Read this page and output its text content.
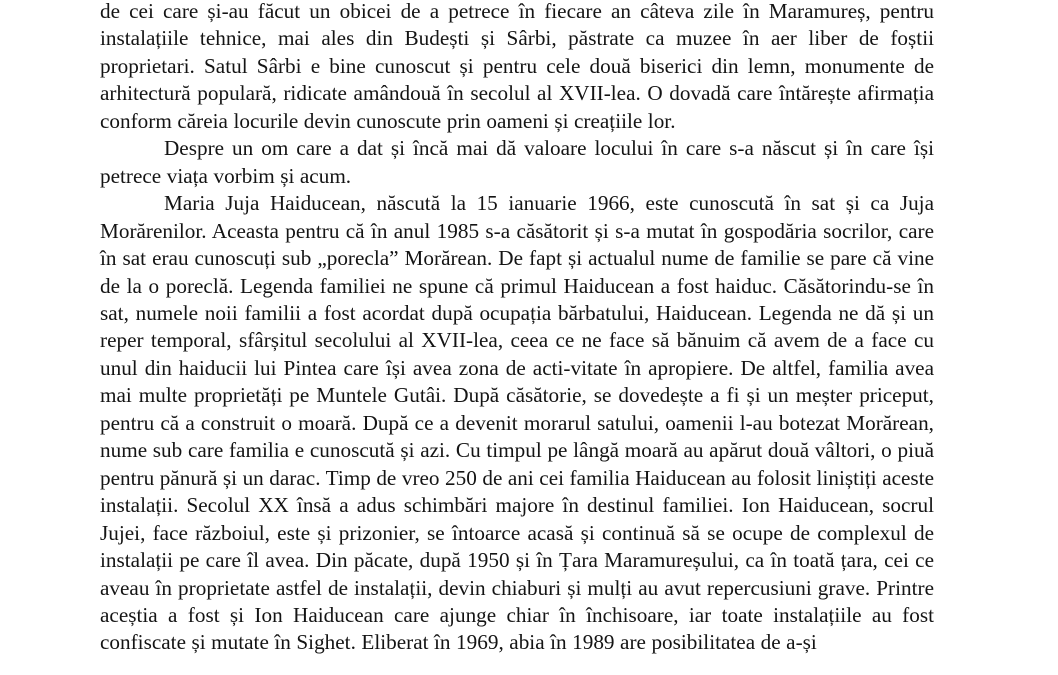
de cei care și-au făcut un obicei de a petrece în fiecare an câteva zile în Maramureș, pentru instalațiile tehnice, mai ales din Budești și Sârbi, păstrate ca muzee în aer liber de foștii proprietari. Satul Sârbi e bine cunoscut și pentru cele două biserici din lemn, monumente de arhitectură populară, ridicate amândouă în secolul al XVII-lea. O dovadă care întărește afirmația conform căreia locurile devin cunoscute prin oameni și creațiile lor.

Despre un om care a dat și încă mai dă valoare locului în care s-a născut și în care își petrece viața vorbim și acum.

Maria Juja Haiducean, născută la 15 ianuarie 1966, este cunoscută în sat și ca Juja Morărenilor. Aceasta pentru că în anul 1985 s-a căsătorit și s-a mutat în gospodăria socrilor, care în sat erau cunoscuți sub „porecla” Morărean. De fapt și actualul nume de familie se pare că vine de la o poreclă. Legenda familiei ne spune că primul Haiducean a fost haiduc. Căsătorindu-se în sat, numele noii familii a fost acordat după ocupația bărbatului, Haiducean. Legenda ne dă și un reper temporal, sfârșitul secolului al XVII-lea, ceea ce ne face să bănuim că avem de a face cu unul din haiducii lui Pintea care își avea zona de acti-vitate în apropiere. De altfel, familia avea mai multe proprietăți pe Muntele Gutâi. După căsătorie, se dovedește a fi și un meșter priceput, pentru că a construit o moară. După ce a devenit morarul satului, oamenii l-au botezat Morărean, nume sub care familia e cunoscută și azi. Cu timpul pe lângă moară au apărut două vâltori, o piuă pentru pănură și un darac. Timp de vreo 250 de ani cei familia Haiducean au folosit liniștiți aceste instalații. Secolul XX însă a adus schimbări majore în destinul familiei. Ion Haiducean, socrul Jujei, face războiul, este și prizonier, se întoarce acasă și continuă să se ocupe de complexul de instalații pe care îl avea. Din păcate, după 1950 și în Țara Maramureșului, ca în toată țara, cei ce aveau în proprietate astfel de instalații, devin chiaburi și mulți au avut repercusiuni grave. Printre aceștia a fost și Ion Haiducean care ajunge chiar în închisoare, iar toate instalațiile au fost confiscate și mutate în Sighet. Eliberat în 1969, abia în 1989 are posibilitatea de a-și
